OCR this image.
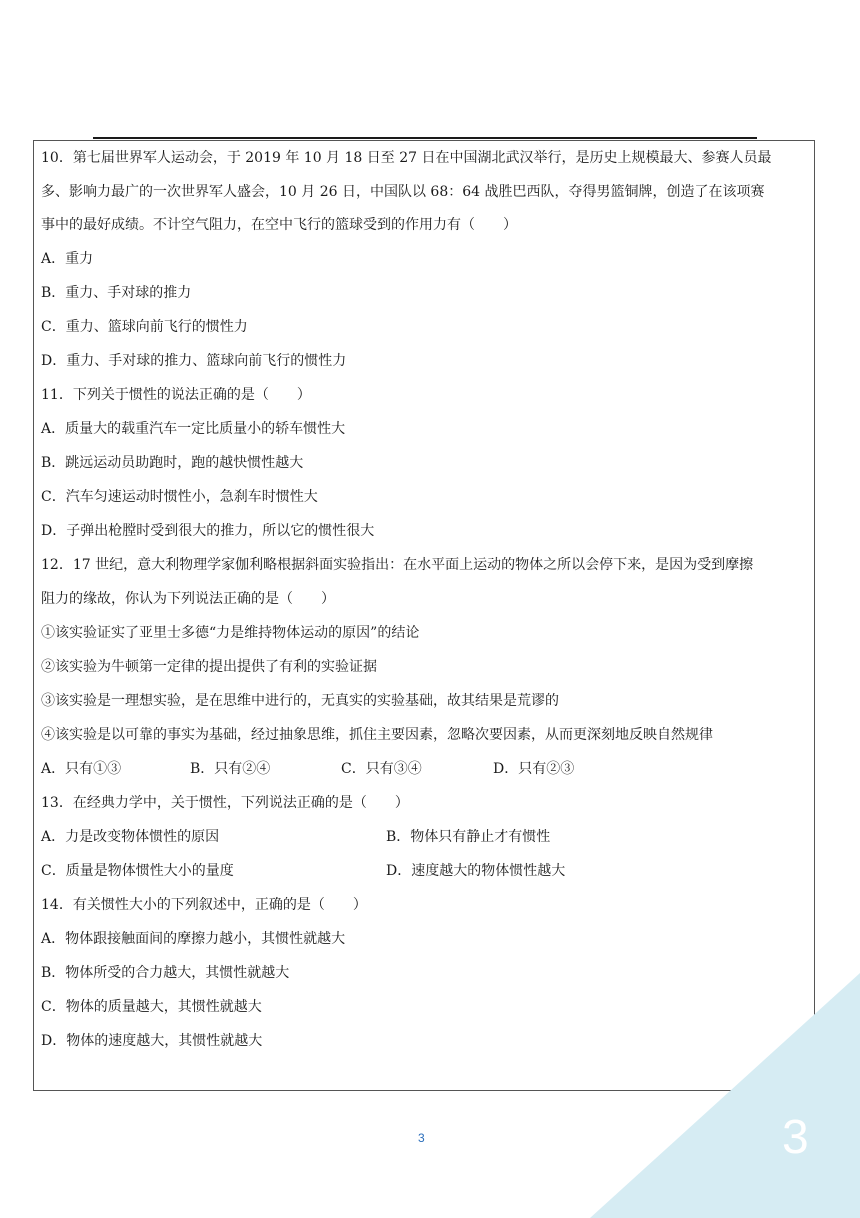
10．第七届世界军人运动会，于 2019 年 10 月 18 日至 27 日在中国湖北武汉举行，是历史上规模最大、参赛人员最
多、影响力最广的一次世界军人盛会，10 月 26 日，中国队以 68：64 战胜巴西队，夺得男篮铜牌，创造了在该项赛
事中的最好成绩。不计空气阻力，在空中飞行的篮球受到的作用力有（　　）
A．重力
B．重力、手对球的推力
C．重力、篮球向前飞行的惯性力
D．重力、手对球的推力、篮球向前飞行的惯性力
11．下列关于惯性的说法正确的是（　　）
A．质量大的载重汽车一定比质量小的轿车惯性大
B．跳远运动员助跑时，跑的越快惯性越大
C．汽车匀速运动时惯性小，急刹车时惯性大
D．子弹出枪膛时受到很大的推力，所以它的惯性很大
12．17 世纪，意大利物理学家伽利略根据斜面实验指出：在水平面上运动的物体之所以会停下来，是因为受到摩擦
阻力的缘故，你认为下列说法正确的是（　　）
①该实验证实了亚里士多德“力是维持物体运动的原因”的结论
②该实验为牛顿第一定律的提出提供了有利的实验证据
③该实验是一理想实验，是在思维中进行的，无真实的实验基础，故其结果是荒谬的
④该实验是以可靠的事实为基础，经过抽象思维，抓住主要因素，忽略次要因素，从而更深刻地反映自然规律
A．只有①③	B．只有②④	C．只有③④	D．只有②③
13．在经典力学中，关于惯性，下列说法正确的是（　　）
A．力是改变物体惯性的原因	B．物体只有静止才有惯性
C．质量是物体惯性大小的量度	D．速度越大的物体惯性越大
14．有关惯性大小的下列叙述中，正确的是（　　）
A．物体跟接触面间的摩擦力越小，其惯性就越大
B．物体所受的合力越大，其惯性就越大
C．物体的质量越大，其惯性就越大
D．物体的速度越大，其惯性就越大
3
3
